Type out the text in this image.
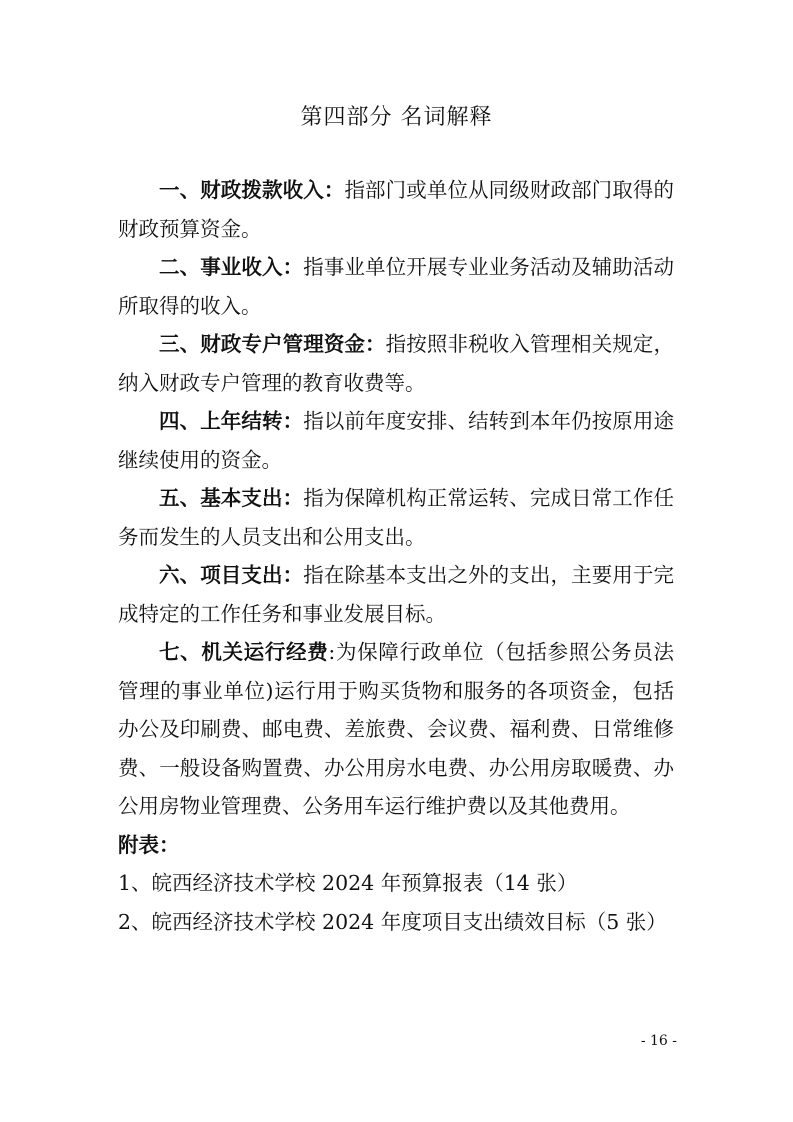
第四部分 名词解释

一、财政拨款收入：指部门或单位从同级财政部门取得的财政预算资金。

二、事业收入：指事业单位开展专业业务活动及辅助活动所取得的收入。

三、财政专户管理资金：指按照非税收入管理相关规定，纳入财政专户管理的教育收费等。

四、上年结转：指以前年度安排、结转到本年仍按原用途继续使用的资金。

五、基本支出：指为保障机构正常运转、完成日常工作任务而发生的人员支出和公用支出。

六、项目支出：指在除基本支出之外的支出，主要用于完成特定的工作任务和事业发展目标。

七、机关运行经费:为保障行政单位（包括参照公务员法管理的事业单位)运行用于购买货物和服务的各项资金，包括办公及印刷费、邮电费、差旅费、会议费、福利费、日常维修费、一般设备购置费、办公用房水电费、办公用房取暖费、办公用房物业管理费、公务用车运行维护费以及其他费用。

附表：

1、皖西经济技术学校 2024 年预算报表（14 张）

2、皖西经济技术学校 2024 年度项目支出绩效目标（5 张）

- 16 -
